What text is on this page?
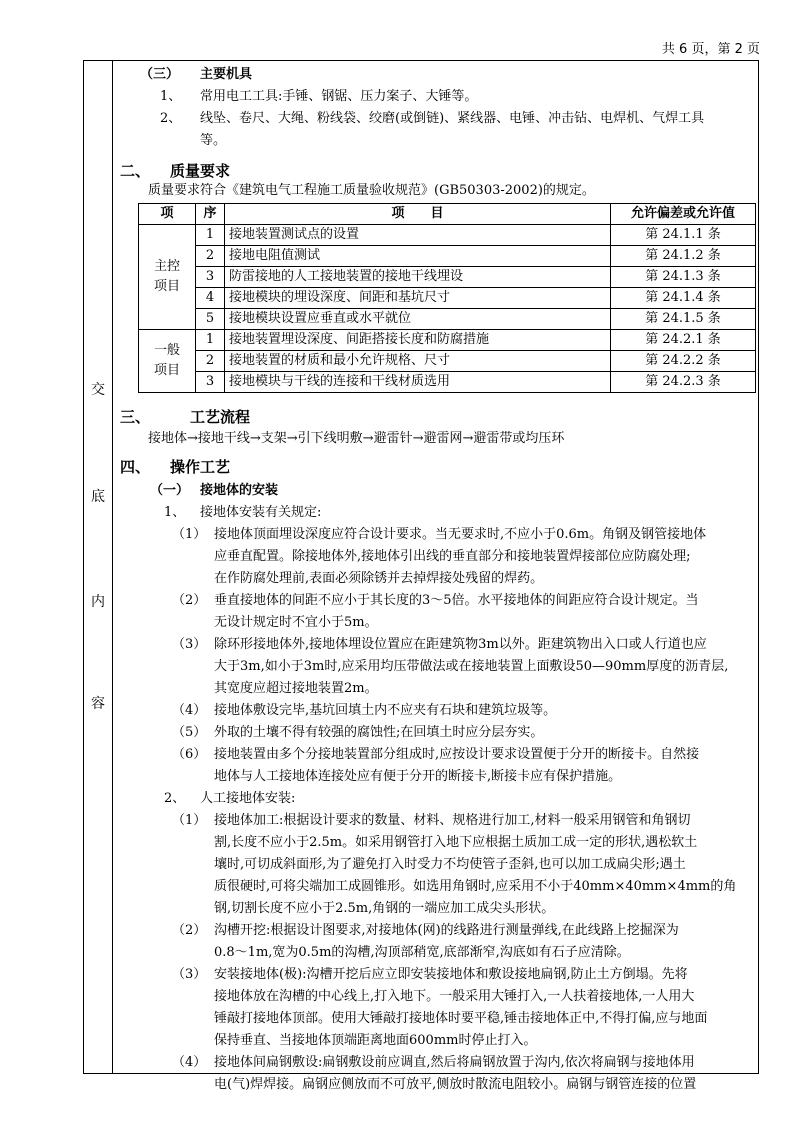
共 6 页，第 2 页
交
底
内
容
（三） 主要机具
1、 常用电工工具:手锤、钢锯、压力案子、大锤等。
2、 线坠、卷尺、大绳、粉线袋、绞磨(或倒链)、紧线器、电锤、冲击钻、电焊机、气焊工具
等。
二、 质量要求
质量要求符合《建筑电气工程施工质量验收规范》(GB50303-2002)的规定。
三、	工艺流程
接地体→接地干线→支架→引下线明敷→避雷针→避雷网→避雷带或均压环
四、 操作工艺
（一） 接地体的安装
1、 接地体安装有关规定:
（1） 接地体顶面埋设深度应符合设计要求。当无要求时,不应小于0.6m。角钢及钢管接地体
应垂直配置。除接地体外,接地体引出线的垂直部分和接地装置焊接部位应防腐处理;
在作防腐处理前,表面必须除锈并去掉焊接处残留的焊药。
（2） 垂直接地体的间距不应小于其长度的3～5倍。水平接地体的间距应符合设计规定。当
无设计规定时不宜小于5m。
（3） 除环形接地体外,接地体埋设位置应在距建筑物3m以外。距建筑物出入口或人行道也应
大于3m,如小于3m时,应采用均压带做法或在接地装置上面敷设50—90mm厚度的沥青层,
其宽度应超过接地装置2m。
（4） 接地体敷设完毕,基坑回填土内不应夹有石块和建筑垃圾等。
（5） 外取的土壤不得有较强的腐蚀性;在回填土时应分层夯实。
（6） 接地装置由多个分接地装置部分组成时,应按设计要求设置便于分开的断接卡。自然接
地体与人工接地体连接处应有便于分开的断接卡,断接卡应有保护措施。
2、 人工接地体安装:
（1） 接地体加工:根据设计要求的数量、材料、规格进行加工,材料一般采用钢管和角钢切
割,长度不应小于2.5m。如采用钢管打入地下应根据土质加工成一定的形状,遇松软土
壤时,可切成斜面形,为了避免打入时受力不均使管子歪斜,也可以加工成扁尖形;遇土
质很硬时,可将尖端加工成圆锥形。如选用角钢时,应采用不小于40mm×40mm×4mm的角
钢,切割长度不应小于2.5m,角钢的一端应加工成尖头形状。
（2） 沟槽开挖:根据设计图要求,对接地体(网)的线路进行测量弹线,在此线路上挖掘深为
0.8～1m,宽为0.5m的沟槽,沟顶部稍宽,底部渐窄,沟底如有石子应清除。
（3） 安装接地体(极):沟槽开挖后应立即安装接地体和敷设接地扁钢,防止土方倒塌。先将
接地体放在沟槽的中心线上,打入地下。一般采用大锤打入,一人扶着接地体,一人用大
锤敲打接地体顶部。使用大锤敲打接地体时要平稳,锤击接地体正中,不得打偏,应与地面
保持垂直、当接地体顶端距离地面600mm时停止打入。
（4） 接地体间扁钢敷设:扁钢敷设前应调直,然后将扁钢放置于沟内,依次将扁钢与接地体用
电(气)焊焊接。扁钢应侧放而不可放平,侧放时散流电阻较小。扁钢与钢管连接的位置
项	序	项　　目	允许偏差或允许值
主控项目	1	接地装置测试点的设置	第 24.1.1 条
	2	接地电阻值测试	第 24.1.2 条
	3	防雷接地的人工接地装置的接地干线埋设	第 24.1.3 条
	4	接地模块的埋设深度、间距和基坑尺寸	第 24.1.4 条
	5	接地模块设置应垂直或水平就位	第 24.1.5 条
一般项目	1	接地装置埋设深度、间距搭接长度和防腐措施	第 24.2.1 条
	2	接地装置的材质和最小允许规格、尺寸	第 24.2.2 条
	3	接地模块与干线的连接和干线材质选用	第 24.2.3 条
